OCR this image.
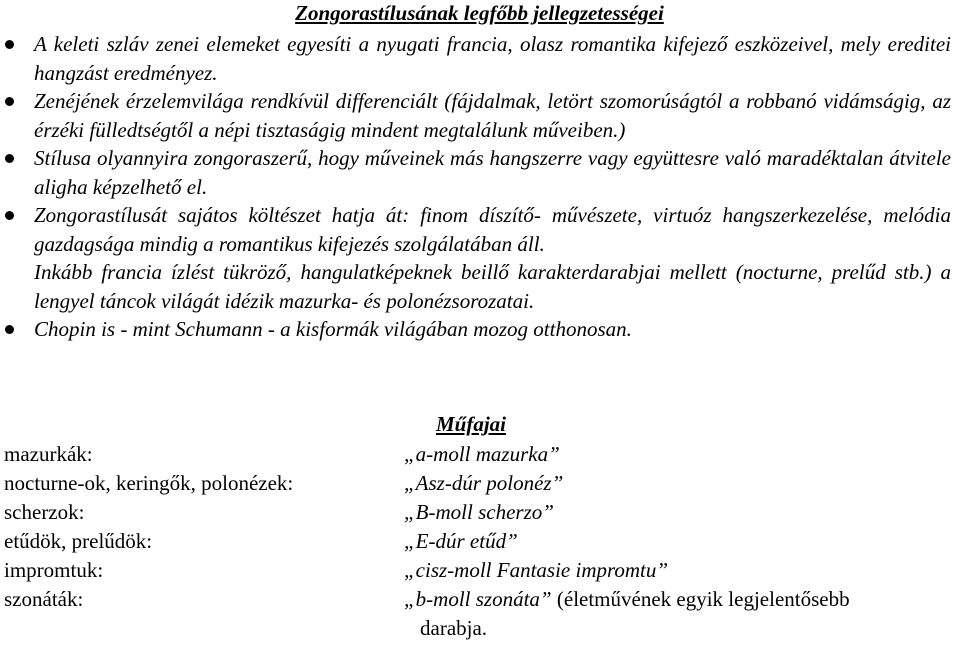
Zongorastílusának legfőbb jellegzetességei
A keleti szláv zenei elemeket egyesíti a nyugati francia, olasz romantika kifejező eszközeivel, mely ereditei hangzást eredményez.
Zenéjének érzelemvilága rendkívül differenciált (fájdalmak, letört szomorúságtól a robbanó vidámságig, az érzéki fülledtségtől a népi tisztaságig mindent megtalálunk műveiben.)
Stílusa olyannyira zongoraszerű, hogy műveinek más hangszerre vagy együttesre való maradéktalan átvitele aligha képzelhető el.
Zongorastílusát sajátos költészet hatja át: finom díszítő- művészete, virtuóz hangszerkezelése, melódia gazdagsága mindig a romantikus kifejezés szolgálatában áll.
Inkább francia ízlést tükröző, hangulatképeknek beillő karakterdarabjai mellett (nocturne, prelűd stb.) a lengyel táncok világát idézik mazurka- és polonézsorozatai.
Chopin is - mint Schumann - a kisformák világában mozog otthonosan.
Műfajai
mazurkák:
nocturne-ok, keringők, polonézek:
scherzok:
etűdök, prelűdök:
impromtuk:
szonáták:
„a-moll mazurka”
„Asz-dúr polonéz”
„B-moll scherzo”
„E-dúr etűd”
„cisz-moll Fantasie impromtu”
„b-moll szonáta” (életművének egyik legjelentősebb
darabja.
